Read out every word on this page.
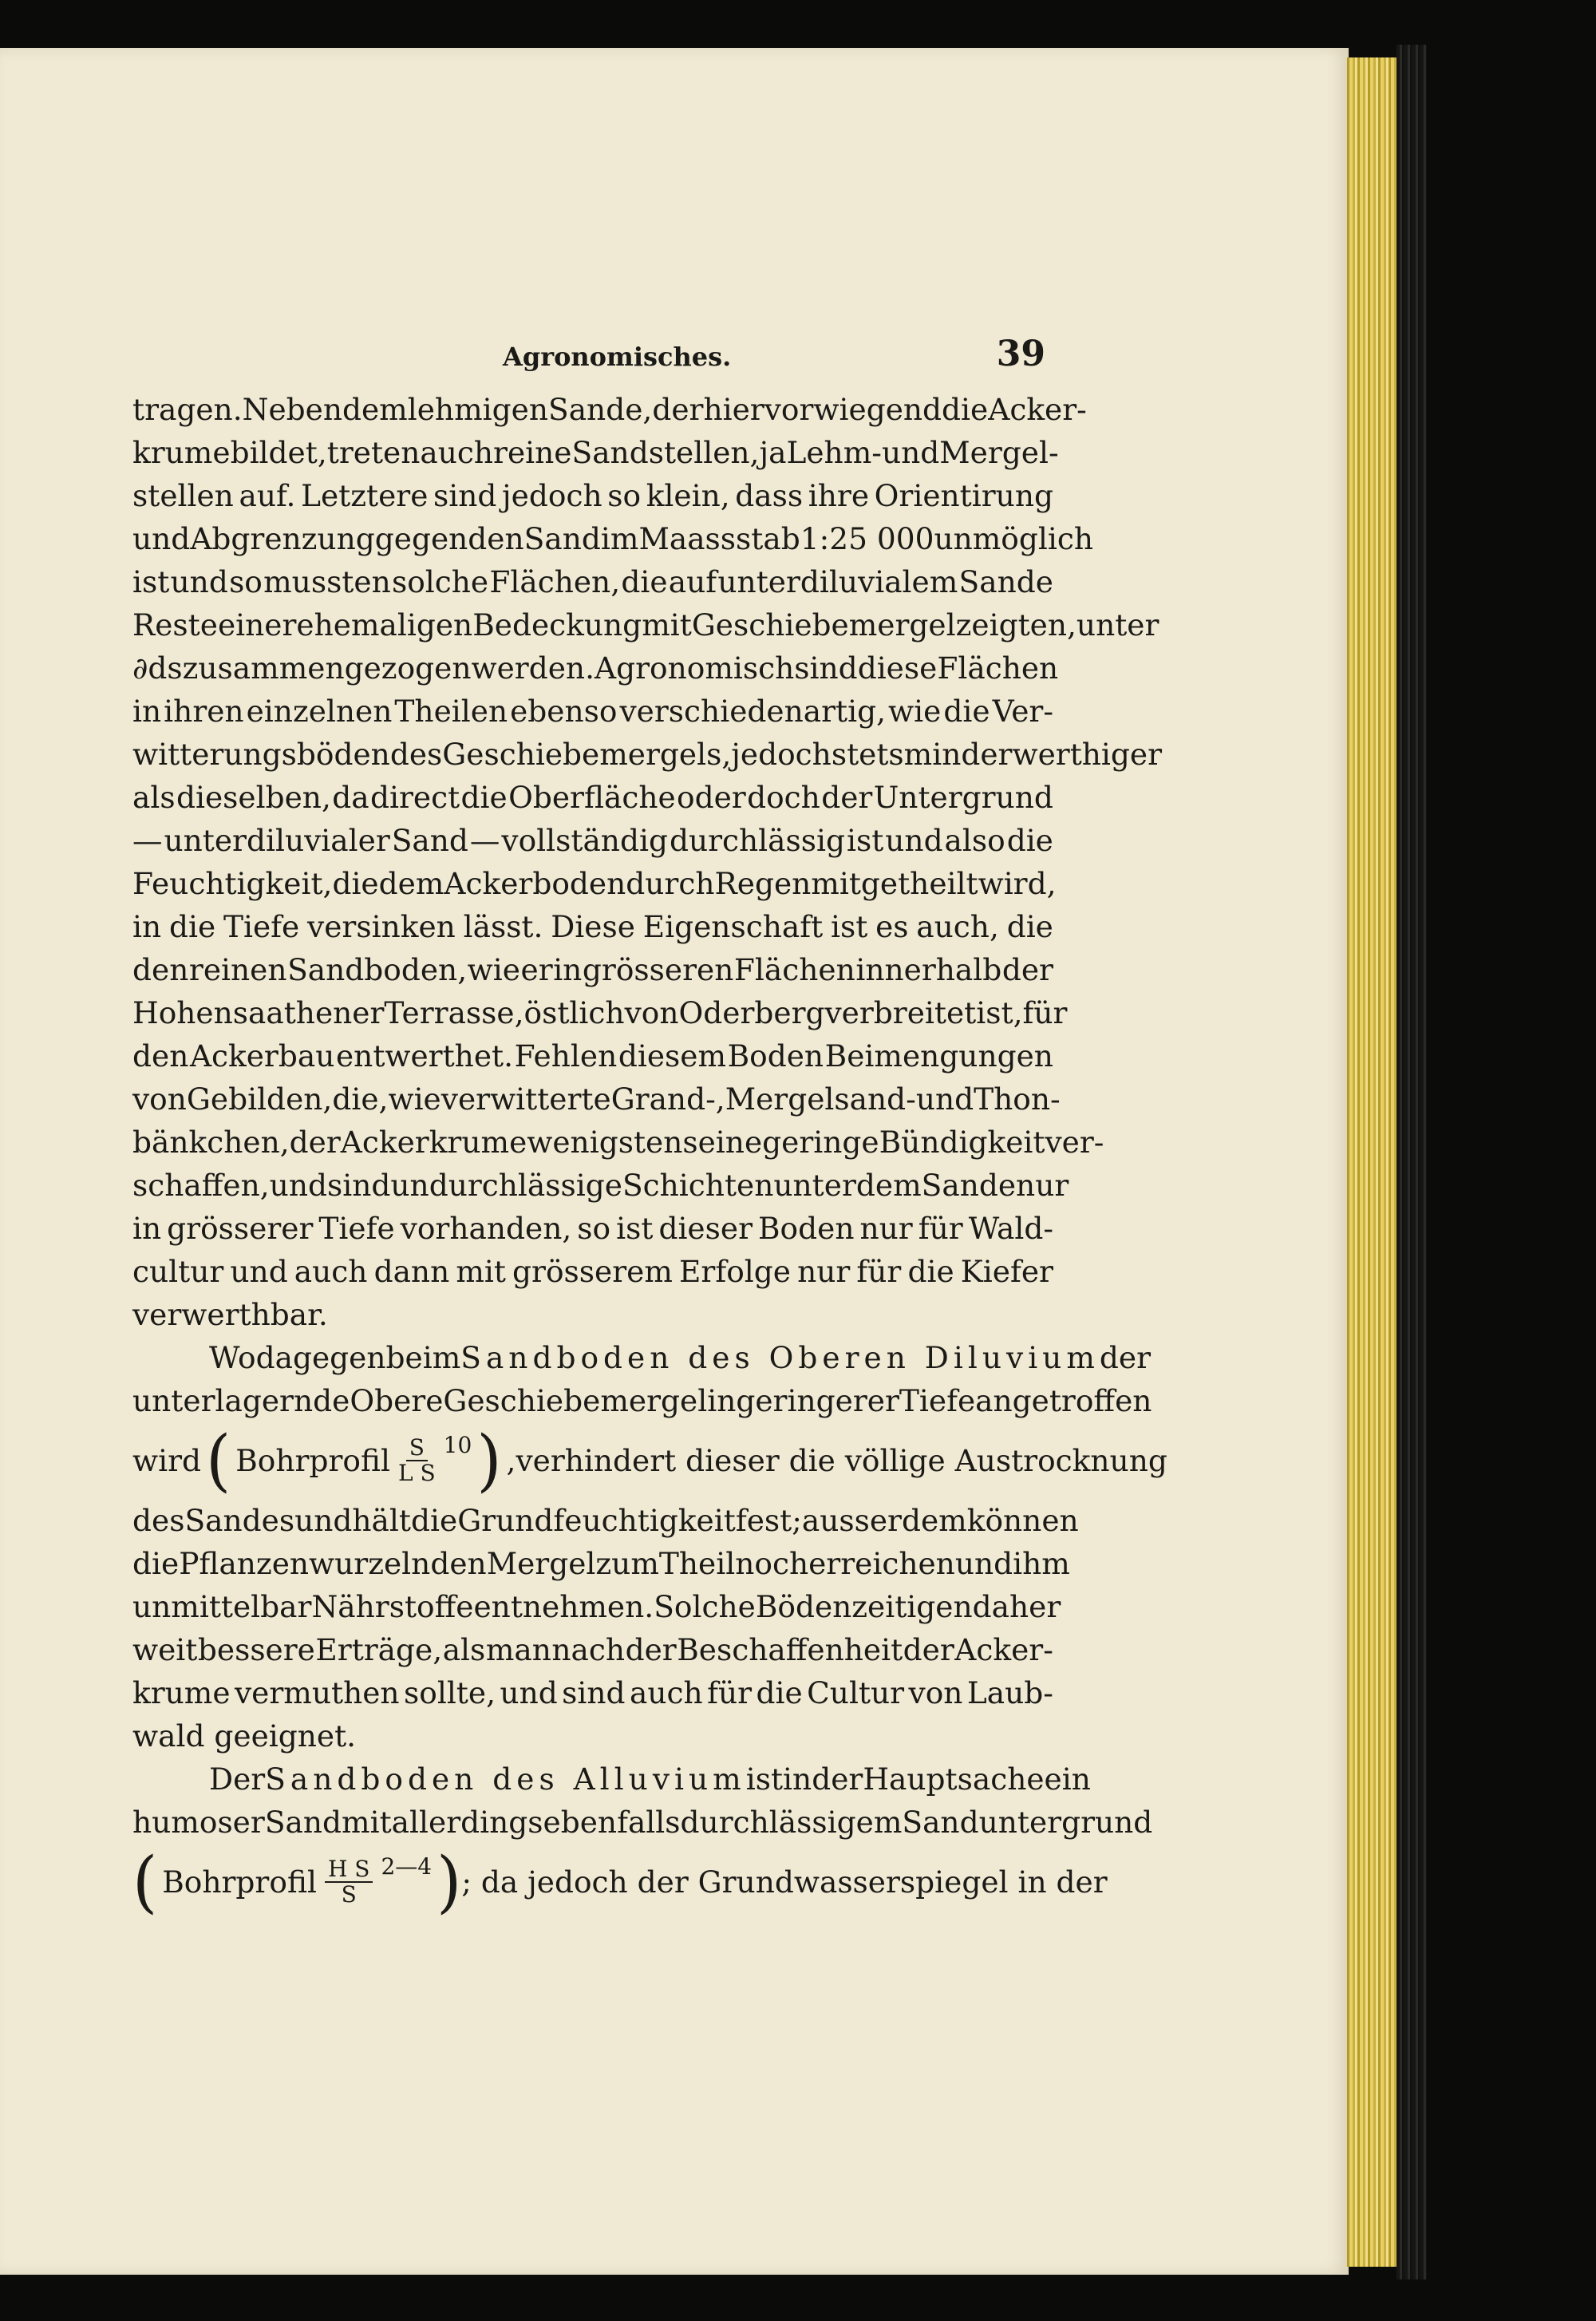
Agronomisches.	39
tragen. Neben dem lehmigen Sande, der hier vorwiegend die Acker-
krume bildet, treten auch reine Sandstellen, ja Lehm- und Mergel-
stellen auf. Letztere sind jedoch so klein, dass ihre Orientirung
und Abgrenzung gegen den Sand im Maassstab 1:25 000 unmöglich
ist und so mussten solche Flächen, die auf unterdiluvialem Sande
Reste einer ehemaligen Bedeckung mit Geschiebemergel zeigten, unter
∂ds zusammengezogen werden. Agronomisch sind diese Flächen
in ihren einzelnen Theilen ebenso verschiedenartig, wie die Ver-
witterungsböden des Geschiebemergels, jedoch stets minderwerthiger
als dieselben, da direct die Oberfläche oder doch der Untergrund
— unterdiluvialer Sand — vollständig durchlässig ist und also die
Feuchtigkeit, die dem Ackerboden durch Regen mitgetheilt wird,
in die Tiefe versinken lässt. Diese Eigenschaft ist es auch, die
den reinen Sandboden, wie er in grösseren Flächen innerhalb der
Hohensaathener Terrasse, östlich von Oderberg verbreitet ist, für
den Ackerbau entwerthet. Fehlen diesem Boden Beimengungen
von Gebilden, die, wie verwitterte Grand-, Mergelsand- und Thon-
bänkchen, der Ackerkrume wenigstens eine geringe Bündigkeit ver-
schaffen, und sind undurchlässige Schichten unter dem Sande nur
in grösserer Tiefe vorhanden, so ist dieser Boden nur für Wald-
cultur und auch dann mit grösserem Erfolge nur für die Kiefer
verwerthbar.
Wo dagegen beim Sandboden des Oberen Diluvium der
unterlagernde Obere Geschiebemergel in geringerer Tiefe angetroffen
wird ( Bohrprofil $\frac{S}{\text{L S}} 10$ ) , verhindert dieser die völlige Austrocknung
des Sandes und hält die Grundfeuchtigkeit fest; ausserdem können
die Pflanzenwurzeln den Mergel zum Theil noch erreichen und ihm
unmittelbar Nährstoffe entnehmen. Solche Böden zeitigen daher
weit bessere Erträge, als man nach der Beschaffenheit der Acker-
krume vermuthen sollte, und sind auch für die Cultur von Laub-
wald geeignet.
Der Sandboden des Alluvium ist in der Hauptsache ein
humoser Sand mit allerdings ebenfalls durchlässigem Sanduntergrund
( Bohrprofil $\frac{\text{H S}}{S}$ 2—4 ) ; da jedoch der Grundwasserspiegel in der
